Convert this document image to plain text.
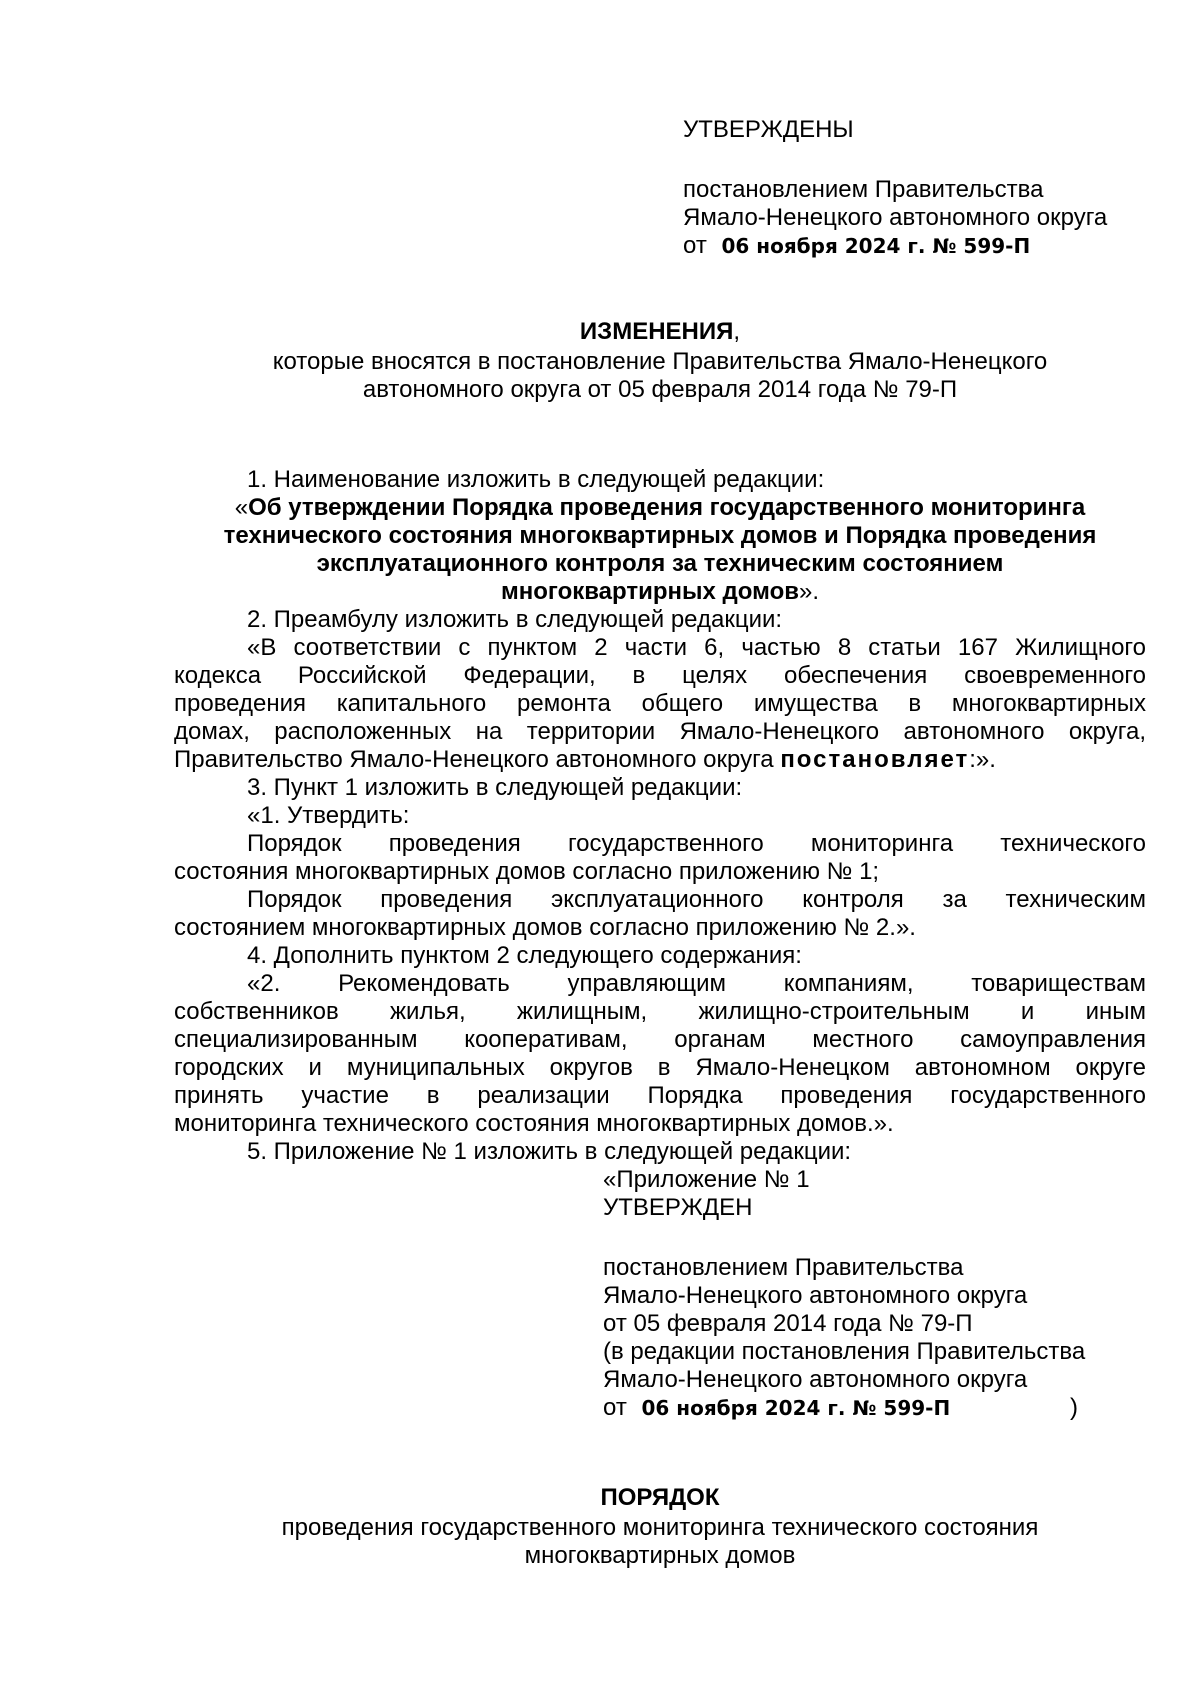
УТВЕРЖДЕНЫ
постановлением Правительства
Ямало-Ненецкого автономного округа
от 06 ноября 2024 г. № 599-П
ИЗМЕНЕНИЯ,
которые вносятся в постановление Правительства Ямало-Ненецкого
автономного округа от 05 февраля 2014 года № 79-П
1. Наименование изложить в следующей редакции:
«Об утверждении Порядка проведения государственного мониторинга
технического состояния многоквартирных домов и Порядка проведения
эксплуатационного контроля за техническим состоянием
многоквартирных домов».
2. Преамбулу изложить в следующей редакции:
«В соответствии с пунктом 2 части 6, частью 8 статьи 167 Жилищного
кодекса Российской Федерации, в целях обеспечения своевременного
проведения капитального ремонта общего имущества в многоквартирных
домах, расположенных на территории Ямало-Ненецкого автономного округа,
Правительство Ямало-Ненецкого автономного округа постановляет:».
3. Пункт 1 изложить в следующей редакции:
«1. Утвердить:
Порядок проведения государственного мониторинга технического
состояния многоквартирных домов согласно приложению № 1;
Порядок проведения эксплуатационного контроля за техническим
состоянием многоквартирных домов согласно приложению № 2.».
4. Дополнить пунктом 2 следующего содержания:
«2. Рекомендовать управляющим компаниям, товариществам
собственников жилья, жилищным, жилищно-строительным и иным
специализированным кооперативам, органам местного самоуправления
городских и муниципальных округов в Ямало-Ненецком автономном округе
принять участие в реализации Порядка проведения государственного
мониторинга технического состояния многоквартирных домов.».
5. Приложение № 1 изложить в следующей редакции:
«Приложение № 1
УТВЕРЖДЕН
постановлением Правительства
Ямало-Ненецкого автономного округа
от 05 февраля 2014 года № 79-П
(в редакции постановления Правительства
Ямало-Ненецкого автономного округа
от 06 ноября 2024 г. № 599-П	)
ПОРЯДОК
проведения государственного мониторинга технического состояния
многоквартирных домов
